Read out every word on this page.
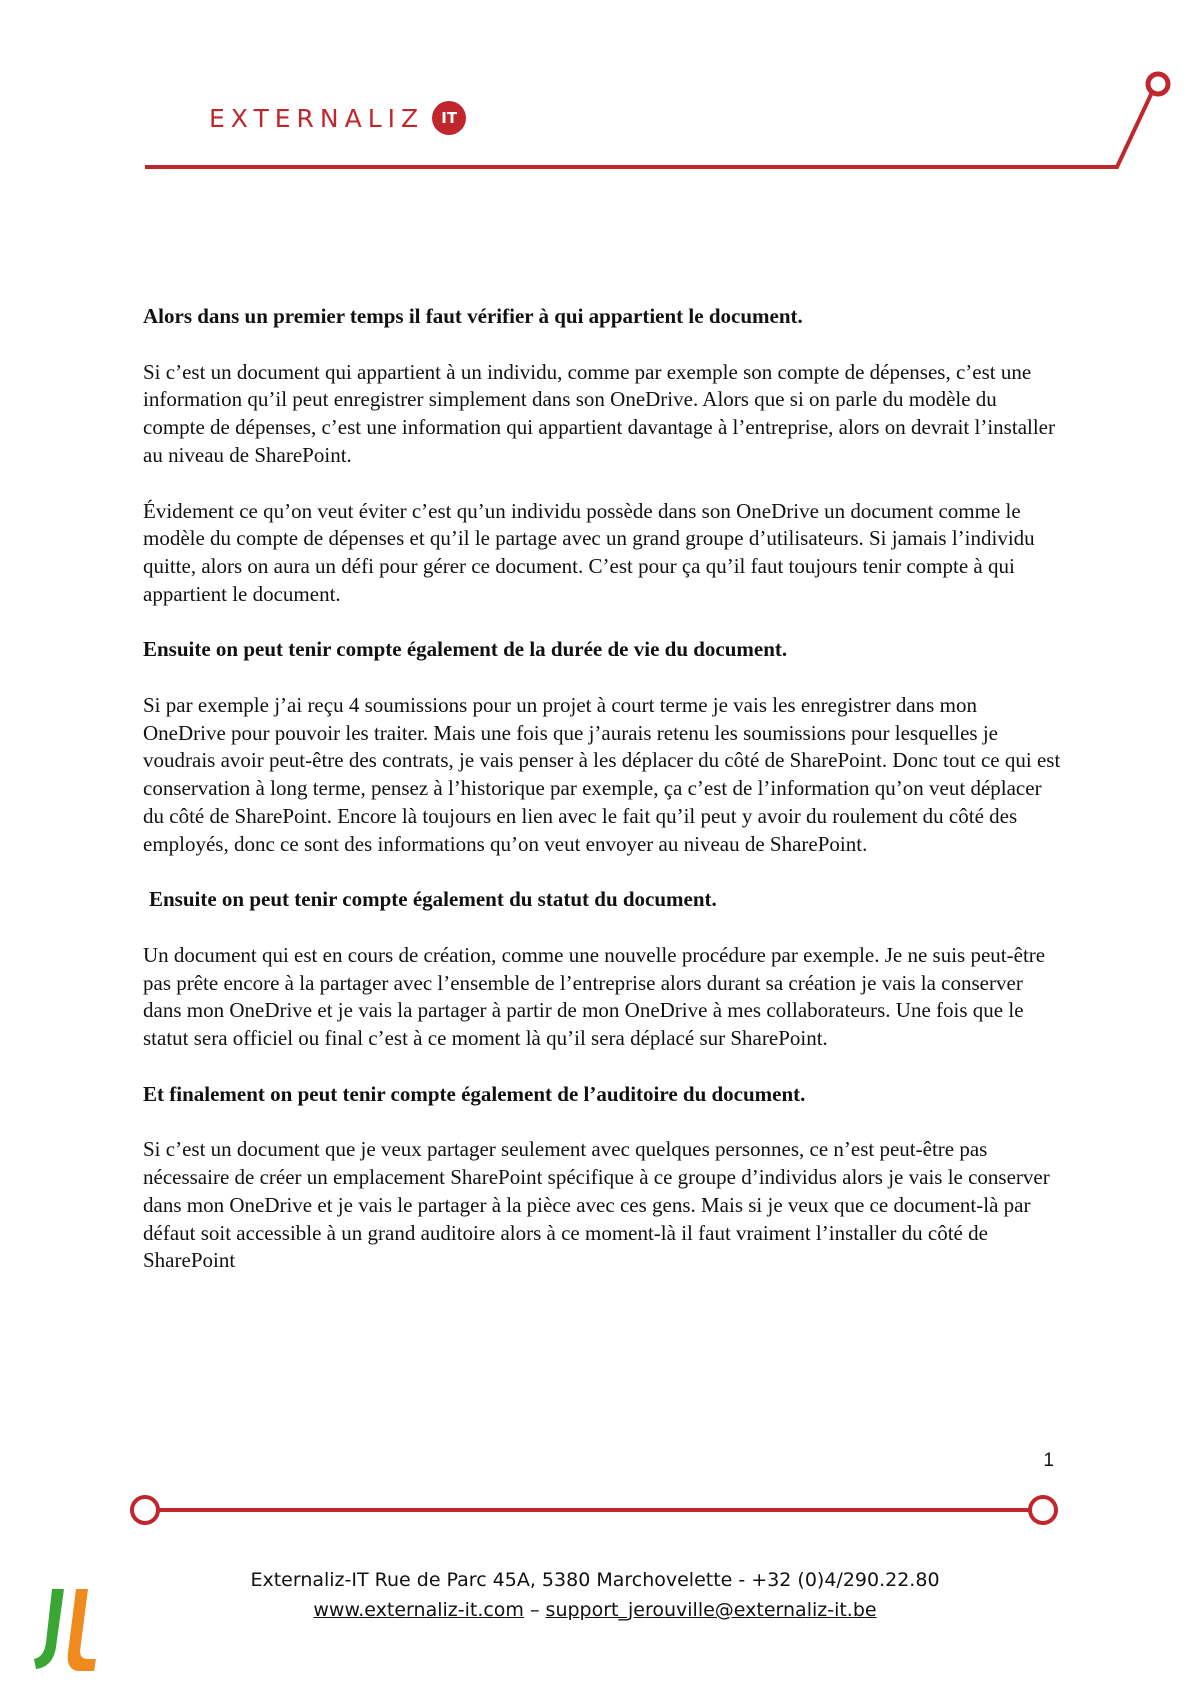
EXTERNALIZ	IT
Alors dans un premier temps il faut vérifier à qui appartient le document.

Si c’est un document qui appartient à un individu, comme par exemple son compte de dépenses, c’est une information qu’il peut enregistrer simplement dans son OneDrive. Alors que si on parle du modèle du compte de dépenses, c’est une information qui appartient davantage à l’entreprise, alors on devrait l’installer au niveau de SharePoint.

Évidement ce qu’on veut éviter c’est qu’un individu possède dans son OneDrive un document comme le modèle du compte de dépenses et qu’il le partage avec un grand groupe d’utilisateurs. Si jamais l’individu quitte, alors on aura un défi pour gérer ce document. C’est pour ça qu’il faut toujours tenir compte à qui appartient le document.

Ensuite on peut tenir compte également de la durée de vie du document.

Si par exemple j’ai reçu 4 soumissions pour un projet à court terme je vais les enregistrer dans mon OneDrive pour pouvoir les traiter. Mais une fois que j’aurais retenu les soumissions pour lesquelles je voudrais avoir peut-être des contrats, je vais penser à les déplacer du côté de SharePoint. Donc tout ce qui est conservation à long terme, pensez à l’historique par exemple, ça c’est de l’information qu’on veut déplacer du côté de SharePoint. Encore là toujours en lien avec le fait qu’il peut y avoir du roulement du côté des employés, donc ce sont des informations qu’on veut envoyer au niveau de SharePoint.

Ensuite on peut tenir compte également du statut du document.

Un document qui est en cours de création, comme une nouvelle procédure par exemple. Je ne suis peut-être pas prête encore à la partager avec l’ensemble de l’entreprise alors durant sa création je vais la conserver dans mon OneDrive et je vais la partager à partir de mon OneDrive à mes collaborateurs. Une fois que le statut sera officiel ou final c’est à ce moment là qu’il sera déplacé sur SharePoint.

Et finalement on peut tenir compte également de l’auditoire du document.

Si c’est un document que je veux partager seulement avec quelques personnes, ce n’est peut-être pas nécessaire de créer un emplacement SharePoint spécifique à ce groupe d’individus alors je vais le conserver dans mon OneDrive et je vais le partager à la pièce avec ces gens. Mais si je veux que ce document-là par défaut soit accessible à un grand auditoire alors à ce moment-là il faut vraiment l’installer du côté de SharePoint

1
Externaliz-IT Rue de Parc 45A, 5380 Marchovelette - +32 (0)4/290.22.80
www.externaliz-it.com – support_jerouville@externaliz-it.be
